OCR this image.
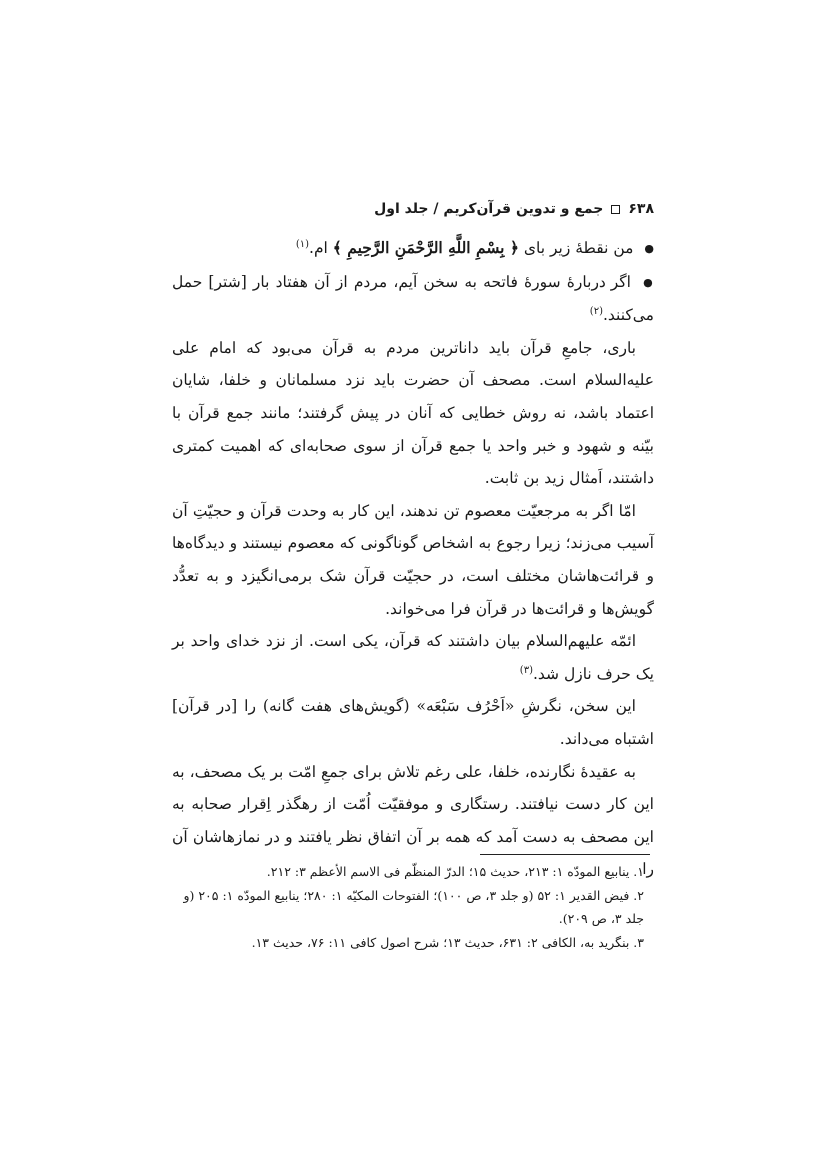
۶۳۸
جمع و تدوین قرآن‌کریم / جلد اول

● من نقطهٔ زیر بای ﴿ بِسْمِ اللَّهِ الرَّحْمَنِ الرَّحِيمِ ﴾ ام.$^{(۱)}$

● اگر دربارهٔ سورهٔ فاتحه به سخن آیم، مردم از آن هفتاد بار [شتر] حمل می‌کنند.$^{(۲)}$

باری، جامعِ قرآن باید داناترین مردم به قرآن می‌بود که امام علی علیه‌السلام است. مصحف آن حضرت باید نزد مسلمانان و خلفا، شایان اعتماد باشد، نه روش خطایی که آنان در پیش گرفتند؛ مانند جمع قرآن با بیّنه و شهود و خبر واحد یا جمع قرآن از سوی صحابه‌ای که اهمیت کمتری داشتند، اَمثال زید بن ثابت.

امّا اگر به مرجعیّت معصوم تن ندهند، این کار به وحدت قرآن و حجیّتِ آن آسیب می‌زند؛ زیرا رجوع به اشخاص گوناگونی که معصوم نیستند و دیدگاه‌ها و قرائت‌هاشان مختلف است، در حجیّت قرآن شک برمی‌انگیزد و به تعدُّد گویش‌ها و قرائت‌ها در قرآن فرا می‌خواند.

ائمّه علیهم‌السلام بیان داشتند که قرآن، یکی است. از نزد خدای واحد بر یک حرف نازل شد.$^{(۳)}$

این سخن، نگرشِ «اَحْرُف سَبْعَه» (گویش‌های هفت گانه) را [در قرآن] اشتباه می‌داند.

به عقیدهٔ نگارنده، خلفا، علی رغم تلاش برای جمعِ امّت بر یک مصحف، به این کار دست نیافتند. رستگاری و موفقیّت اُمّت از رهگذر اِقرار صحابه به این مصحف به دست آمد که همه بر آن اتفاق نظر یافتند و در نمازهاشان آن را

۱. ینابیع المودّه ۱: ۲۱۳، حدیث ۱۵؛ الدرّ المنظّم فی الاسم الأعظم ۳: ۲۱۲.

۲. فیض القدیر ۱: ۵۲ (و جلد ۳، ص ۱۰۰)؛ الفتوحات المکیّه ۱: ۲۸۰؛ ینابیع المودّه ۱: ۲۰۵ (و جلد ۳، ص ۲۰۹).

۳. بنگرید به، الکافی ۲: ۶۳۱، حدیث ۱۳؛ شرح اصول کافی ۱۱: ۷۶، حدیث ۱۳.
